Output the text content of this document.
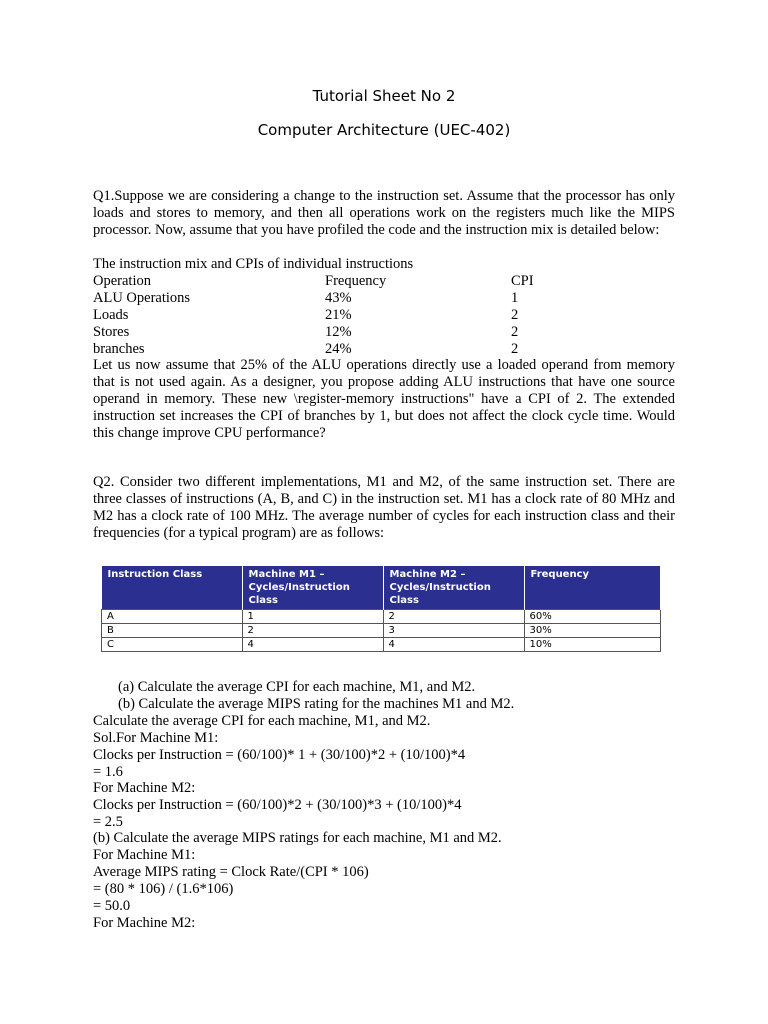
Tutorial Sheet No 2
Computer Architecture (UEC-402)
Q1.Suppose we are considering a change to the instruction set. Assume that the processor has only loads and stores to memory, and then all operations work on the registers much like the MIPS processor. Now, assume that you have profiled the code and the instruction mix is detailed below:
The instruction mix and CPIs of individual instructions
Operation	Frequency	CPI
ALU Operations	43%	1
Loads	21%	2
Stores	12%	2
branches	24%	2
Let us now assume that 25% of the ALU operations directly use a loaded operand from memory that is not used again. As a designer, you propose adding ALU instructions that have one source operand in memory. These new \register-memory instructions" have a CPI of 2. The extended instruction set increases the CPI of branches by 1, but does not affect the clock cycle time. Would this change improve CPU performance?
Q2. Consider two different implementations, M1 and M2, of the same instruction set. There are three classes of instructions (A, B, and C) in the instruction set. M1 has a clock rate of 80 MHz and M2 has a clock rate of 100 MHz. The average number of cycles for each instruction class and their frequencies (for a typical program) are as follows:
Instruction Class	Machine M1 – Cycles/Instruction Class	Machine M2 – Cycles/Instruction Class	Frequency
A	1	2	60%
B	2	3	30%
C	4	4	10%
(a) Calculate the average CPI for each machine, M1, and M2.
(b) Calculate the average MIPS rating for the machines M1 and M2.
Calculate the average CPI for each machine, M1, and M2.
Sol.For Machine M1:
Clocks per Instruction = (60/100)* 1 + (30/100)*2 + (10/100)*4
= 1.6
For Machine M2:
Clocks per Instruction = (60/100)*2 + (30/100)*3 + (10/100)*4
= 2.5
(b) Calculate the average MIPS ratings for each machine, M1 and M2.
For Machine M1:
Average MIPS rating = Clock Rate/(CPI * 106)
= (80 * 106) / (1.6*106)
= 50.0
For Machine M2:
